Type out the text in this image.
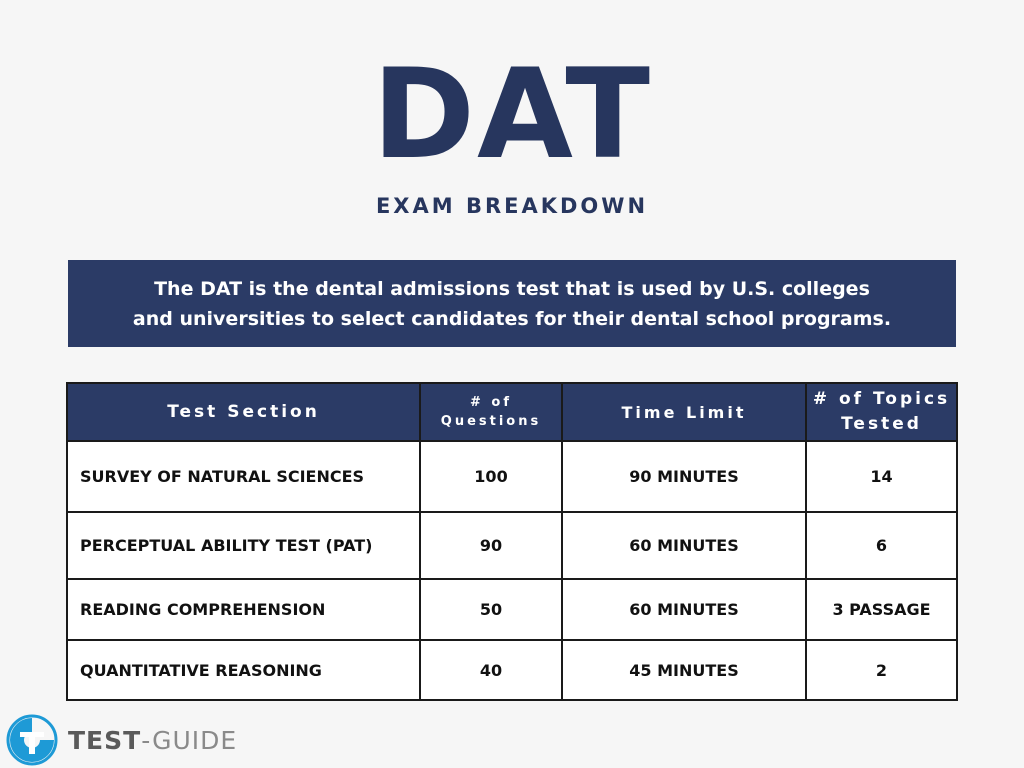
DAT
EXAM BREAKDOWN
The DAT is the dental admissions test that is used by U.S. colleges and universities to select candidates for their dental school programs.
Test Section	# of Questions	Time Limit	# of Topics Tested
SURVEY OF NATURAL SCIENCES	100	90 MINUTES	14
PERCEPTUAL ABILITY TEST (PAT)	90	60 MINUTES	6
READING COMPREHENSION	50	60 MINUTES	3 PASSAGE
QUANTITATIVE REASONING	40	45 MINUTES	2
TEST-GUIDE
